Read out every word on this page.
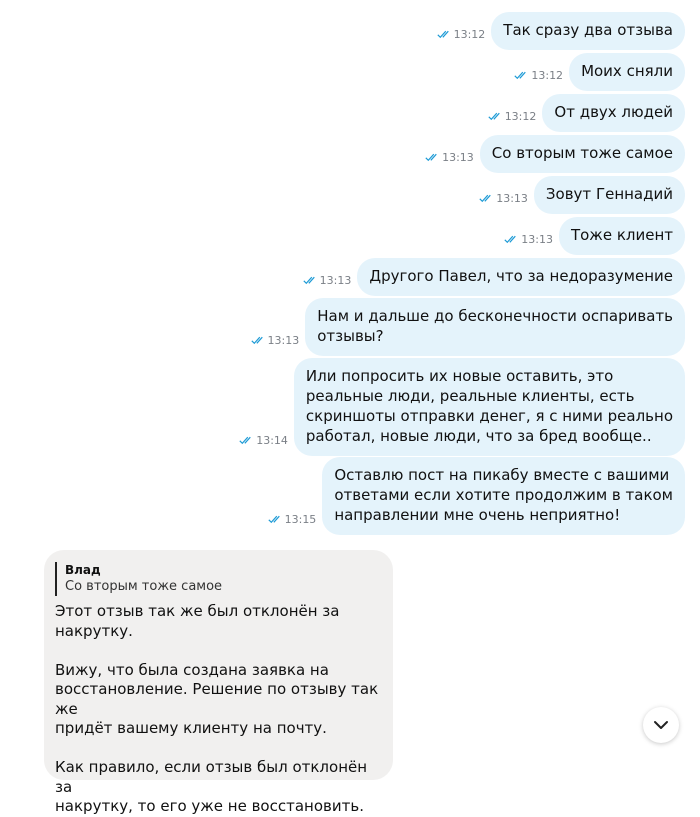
13:12	Так сразу два отзыва
13:12	Моих сняли
13:12	От двух людей
13:13	Со вторым тоже самое
13:13	Зовут Геннадий
13:13	Тоже клиент
13:13	Другого Павел, что за недоразумение
13:13
Нам и дальше до бесконечности оспаривать
отзывы?
13:14
Или попросить их новые оставить, это
реальные люди, реальные клиенты, есть
скриншоты отправки денег, я с ними реально
работал, новые люди, что за бред вообще..
13:15
Оставлю пост на пикабу вместе с вашими
ответами если хотите продолжим в таком
направлении мне очень неприятно!
Влад
Со вторым тоже самое
Этот отзыв так же был отклонён за накрутку.

Вижу, что была создана заявка на
восстановление. Решение по отзыву так же
придёт вашему клиенту на почту.

Как правило, если отзыв был отклонён за
накрутку, то его уже не восстановить.
